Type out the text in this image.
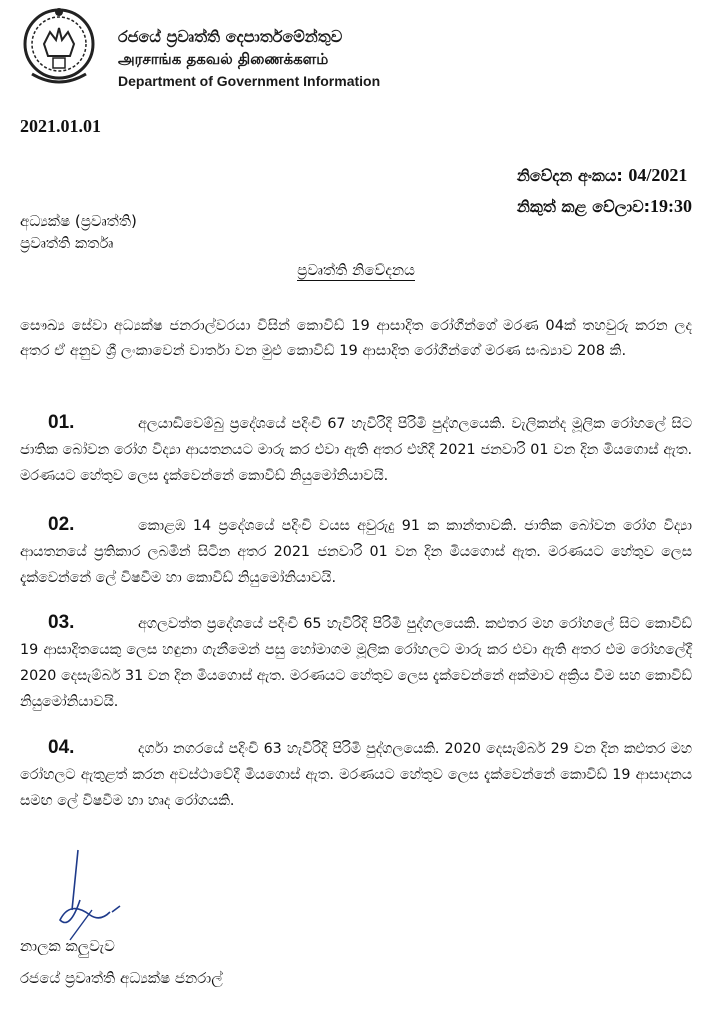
රජයේ ප්‍රවෘත්ති දෙපාර්තමේන්තුව
அரசாங்க தகவல் திணைக்களம்
Department of Government Information
2021.01.01
නිවේදන අංකය: 04/2021
නිකුත් කළ වේලාව:19:30
අධ්‍යක්ෂ (ප්‍රවෘත්ති)
ප්‍රවෘත්ති කර්තෘ
ප්‍රවෘත්ති නිවේදනය
සෞඛ්‍ය සේවා අධ්‍යක්ෂ ජනරාල්වරයා විසින් කොවිඩ් 19 ආසාදිත රෝගීන්ගේ මරණ 04ක් තහවුරු කරන ලද අතර ඒ අනුව ශ්‍රී ලංකාවෙන් වාර්තා වන මුළු කොවිඩ් 19 ආසාදිත රෝගීන්ගේ මරණ සංඛ්‍යාව 208 කි.
01.	අලයාඩිවෙම්බු ප්‍රදේශයේ පදිංචි 67 හැවිරිදි පිරිමි පුද්ගලයෙකි. වැලිකන්ද මූලික රෝහලේ සිට ජාතික බෝවන රෝග විද්‍යා ආයතනයට මාරු කර එවා ඇති අතර එහිදී 2021 ජනවාරි 01 වන දින මියගොස් ඇත. මරණයට හේතුව ලෙස දැක්වෙන්නේ කොවිඩ් නියුමෝනියාවයි.
02.	කොළඹ 14 ප්‍රදේශයේ පදිංචි වයස අවුරුදු 91 ක කාන්තාවකි. ජාතික බෝවන රෝග විද්‍යා ආයතනයේ ප්‍රතිකාර ලබමින් සිටින අතර 2021 ජනවාරි 01 වන දින මියගොස් ඇත. මරණයට හේතුව ලෙස දැක්වෙන්නේ ලේ විෂවීම හා කොවිඩ් නියුමෝනියාවයි.
03.	අගලවත්ත ප්‍රදේශයේ පදිංචි 65 හැවිරිදි පිරිමි පුද්ගලයෙකි. කළුතර මහ රෝහලේ සිට කොවිඩ් 19 ආසාදිතයෙකු ලෙස හඳුනා ගැනීමෙන් පසු හෝමාගම මූලික රෝහලට මාරු කර එවා ඇති අතර එම රෝහලේදී 2020 දෙසැම්බර් 31 වන දින මියගොස් ඇත. මරණයට හේතුව ලෙස දැක්වෙන්නේ අක්මාව අක්‍රිය වීම සහ කොවිඩ් නියුමෝනියාවයි.
04.	දර්ගා නගරයේ පදිංචි 63 හැවිරිදි පිරිමි පුද්ගලයෙකි. 2020 දෙසැම්බර් 29 වන දින කළුතර මහ රෝහලට ඇතුළත් කරන අවස්ථාවේදී මියගොස් ඇත. මරණයට හේතුව ලෙස දැක්වෙන්නේ කොවිඩ් 19 ආසාදනය සමඟ ලේ විෂවීම හා හෘද රෝගයකි.
නාලක කලුවැව
රජයේ ප්‍රවෘත්ති අධ්‍යක්ෂ ජනරාල්
